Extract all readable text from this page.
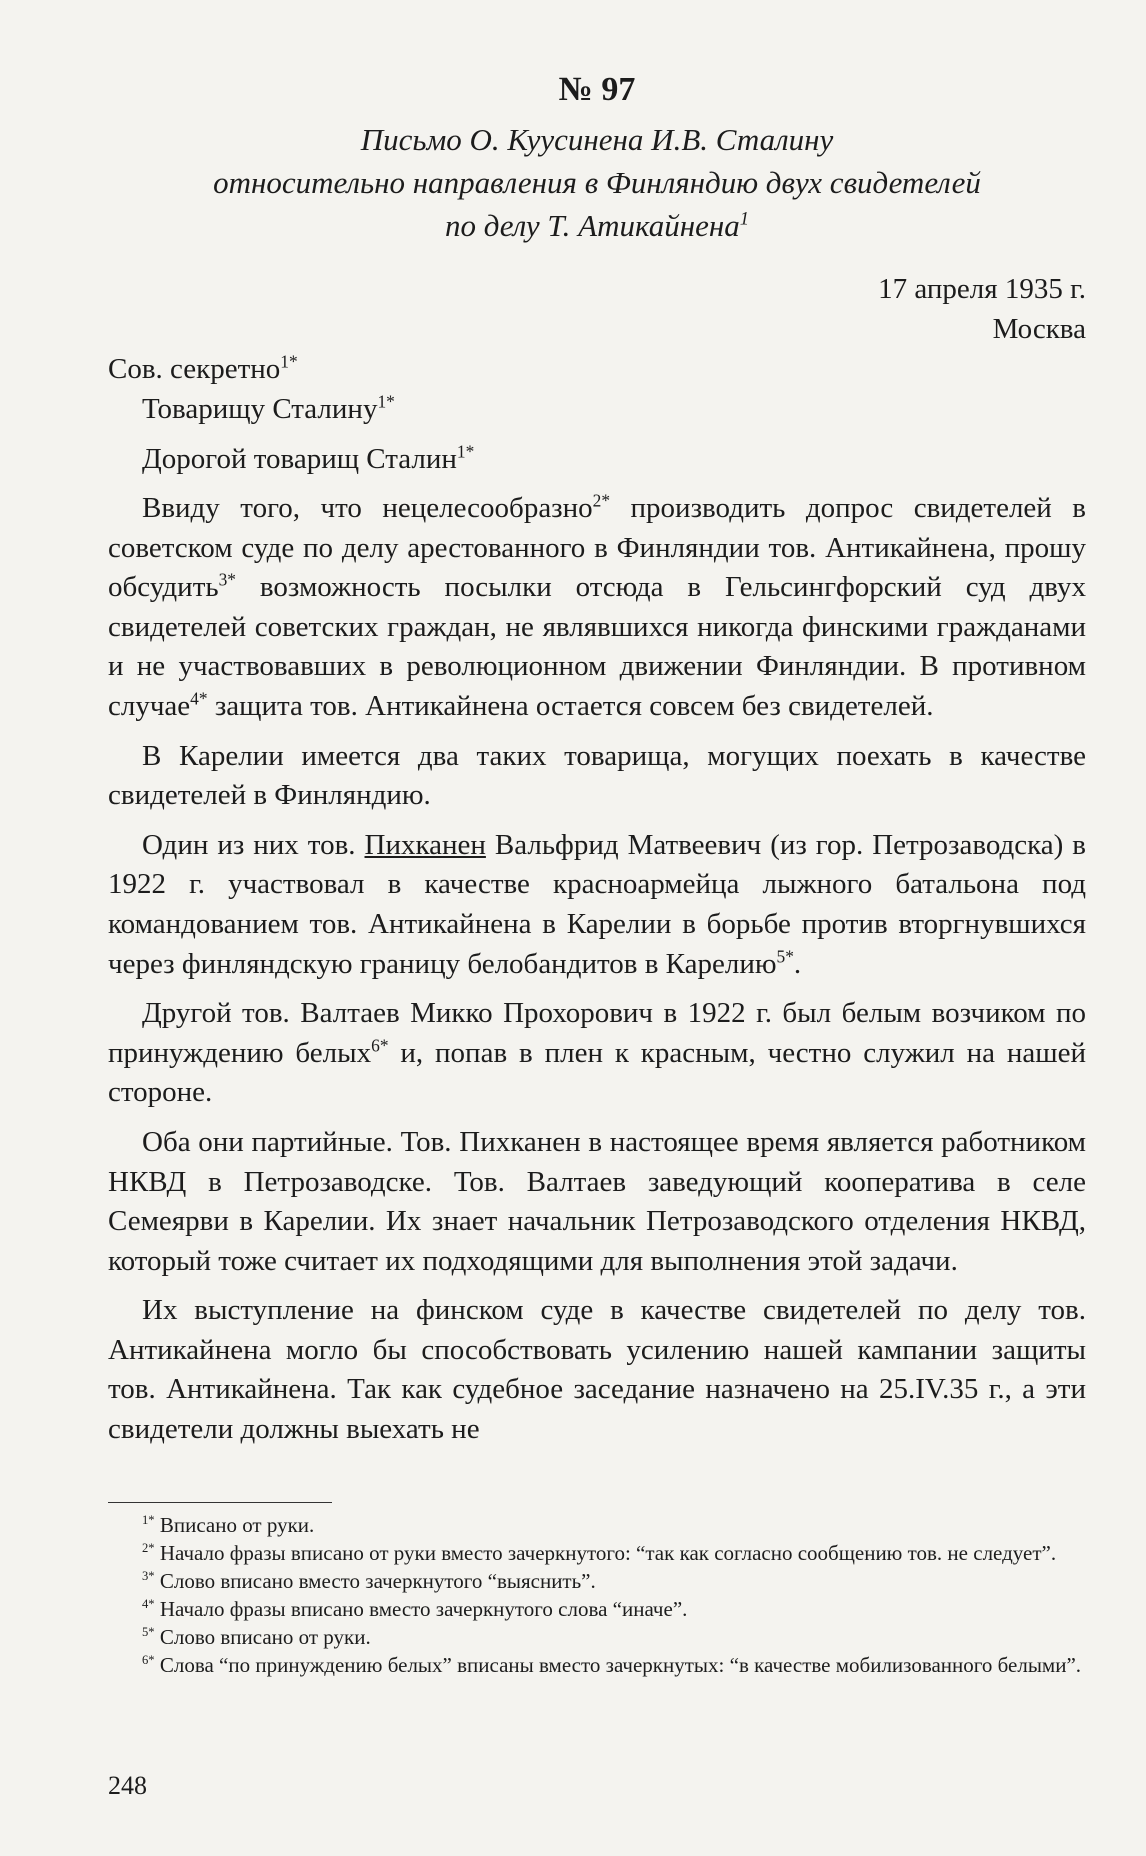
№ 97

Письмо О. Куусинена И.В. Сталину
относительно направления в Финляндию двух свидетелей
по делу Т. Атикайнена$^1$

17 апреля 1935 г.

Москва

Сов. секретно$^{1*}$

Товарищу Сталину$^{1*}$

Дорогой товарищ Сталин$^{1*}$

Ввиду того, что нецелесообразно$^{2*}$ производить допрос свидетелей в советском суде по делу арестованного в Финляндии тов. Антикайнена, прошу обсудить$^{3*}$ возможность посылки отсюда в Гельсингфорский суд двух свидетелей советских граждан, не являвшихся никогда финскими гражданами и не участвовавших в революционном движении Финляндии. В противном случае$^{4*}$ защита тов. Антикайнена остается совсем без свидетелей.

В Карелии имеется два таких товарища, могущих поехать в качестве свидетелей в Финляндию.

Один из них тов. Пихканен Вальфрид Матвеевич (из гор. Петрозаводска) в 1922 г. участвовал в качестве красноармейца лыжного батальона под командованием тов. Антикайнена в Карелии в борьбе против вторгнувшихся через финляндскую границу белобандитов в Карелию$^{5*}$.

Другой тов. Валтаев Микко Прохорович в 1922 г. был белым возчиком по принуждению белых$^{6*}$ и, попав в плен к красным, честно служил на нашей стороне.

Оба они партийные. Тов. Пихканен в настоящее время является работником НКВД в Петрозаводске. Тов. Валтаев заведующий кооператива в селе Семеярви в Карелии. Их знает начальник Петрозаводского отделения НКВД, который тоже считает их подходящими для выполнения этой задачи.

Их выступление на финском суде в качестве свидетелей по делу тов. Антикайнена могло бы способствовать усилению нашей кампании защиты тов. Антикайнена. Так как судебное заседание назначено на 25.IV.35 г., а эти свидетели должны выехать не

$^{1*}$ Вписано от руки.

$^{2*}$ Начало фразы вписано от руки вместо зачеркнутого: “так как согласно сообщению тов. не следует”.

$^{3*}$ Слово вписано вместо зачеркнутого “выяснить”.

$^{4*}$ Начало фразы вписано вместо зачеркнутого слова “иначе”.

$^{5*}$ Слово вписано от руки.

$^{6*}$ Слова “по принуждению белых” вписаны вместо зачеркнутых: “в качестве мобилизованного белыми”.

248
